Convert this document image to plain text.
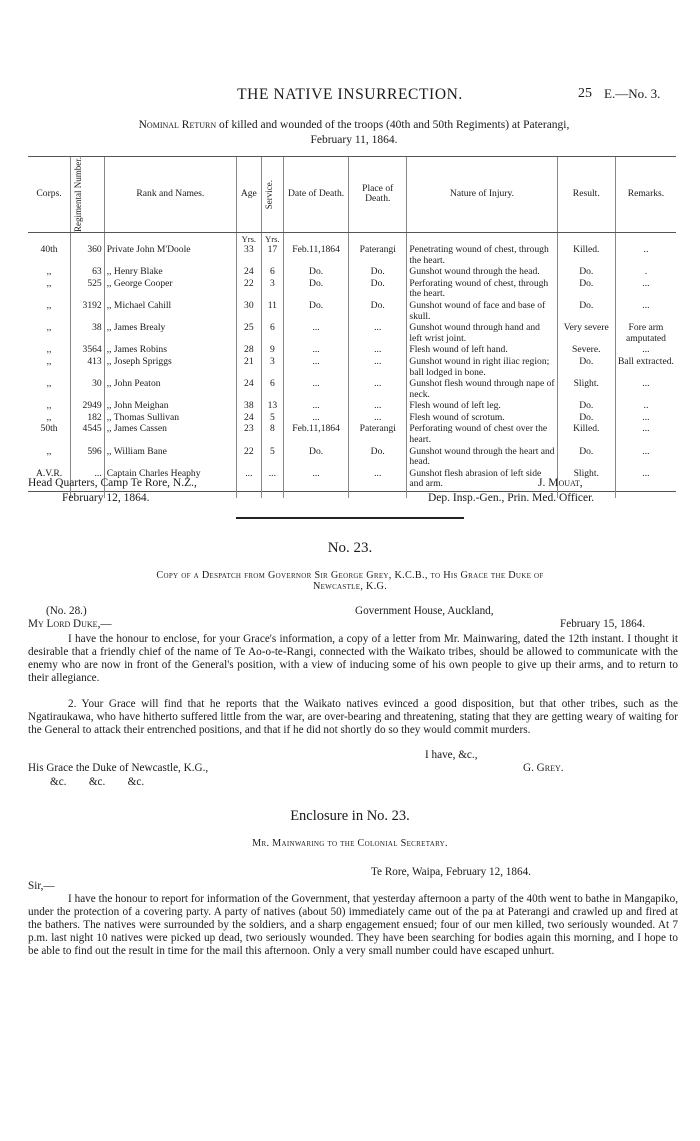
THE NATIVE INSURRECTION.	25 E.—No. 3.
Nominal Return of killed and wounded of the troops (40th and 50th Regiments) at Paterangi,
February 11, 1864.
Corps.	Regimental Number.	Rank and Names.	Age	Service.	Date of Death.	Place of Death.	Nature of Injury.	Result.	Remarks.
			Yrs.	Yrs.					
40th	360	Private John M'Doole	33	17	Feb.11,1864	Paterangi	Penetrating wound of chest, through the heart.	Killed.	..
,,	63	,, Henry Blake	24	6	Do.	Do.	Gunshot wound through the head.	Do.	.
,,	525	,, George Cooper	22	3	Do.	Do.	Perforating wound of chest, through the heart.	Do.	...
,,	3192	,, Michael Cahill	30	11	Do.	Do.	Gunshot wound of face and base of skull.	Do.	...
,,	38	,, James Brealy	25	6	...	...	Gunshot wound through hand and left wrist joint.	Very severe	Fore arm amputated
,,	3564	,, James Robins	28	9	...	...	Flesh wound of left hand.	Severe.	...
,,	413	,, Joseph Spriggs	21	3	...	...	Gunshot wound in right iliac region; ball lodged in bone.	Do.	Ball extracted.
,,	30	,, John Peaton	24	6	...	...	Gunshot flesh wound through nape of neck.	Slight.	...
,,	2949	,, John Meighan	38	13	...	...	Flesh wound of left leg.	Do.	..
,,	182	,, Thomas Sullivan	24	5	...	...	Flesh wound of scrotum.	Do.	...
50th	4545	,, James Cassen	23	8	Feb.11,1864	Paterangi	Perforating wound of chest over the heart.	Killed.	...
,,	596	,, William Bane	22	5	Do.	Do.	Gunshot wound through the heart and head.	Do.	...
A.V.R.	...	Captain Charles Heaphy	...	...	...	...	Gunshot flesh abrasion of left side and arm.	Slight.	...

Head Quarters, Camp Te Rore, N.Z.,
February 12, 1864.
J. Mouat,
Dep. Insp.-Gen., Prin. Med. Officer.
No. 23.
Copy of a Despatch from Governor Sir George Grey, K.C.B., to His Grace the Duke of
Newcastle, K.G.
(No. 28.)	Government House, Auckland,
My Lord Duke,—	February 15, 1864.
I have the honour to enclose, for your Grace's information, a copy of a letter from Mr. Mainwaring, dated the 12th instant. I thought it desirable that a friendly chief of the name of Te Ao-o-te-Rangi, connected with the Waikato tribes, should be allowed to communicate with the enemy who are now in front of the General's position, with a view of inducing some of his own people to give up their arms, and to return to their allegiance.
2. Your Grace will find that he reports that the Waikato natives evinced a good disposition, but that other tribes, such as the Ngatiraukawa, who have hitherto suffered little from the war, are over-bearing and threatening, stating that they are getting weary of waiting for the General to attack their entrenched positions, and that if he did not shortly do so they would commit murders.
I have, &c.,
His Grace the Duke of Newcastle, K.G.,	G. Grey.
&c.        &c.        &c.
Enclosure in No. 23.
Mr. Mainwaring to the Colonial Secretary.
Te Rore, Waipa, February 12, 1864.
Sir,—
I have the honour to report for information of the Government, that yesterday afternoon a party of the 40th went to bathe in Mangapiko, under the protection of a covering party. A party of natives (about 50) immediately came out of the pa at Paterangi and crawled up and fired at the bathers. The natives were surrounded by the soldiers, and a sharp engagement ensued; four of our men killed, two seriously wounded. At 7 p.m. last night 10 natives were picked up dead, two seriously wounded. They have been searching for bodies again this morning, and I hope to be able to find out the result in time for the mail this afternoon. Only a very small number could have escaped unhurt.
